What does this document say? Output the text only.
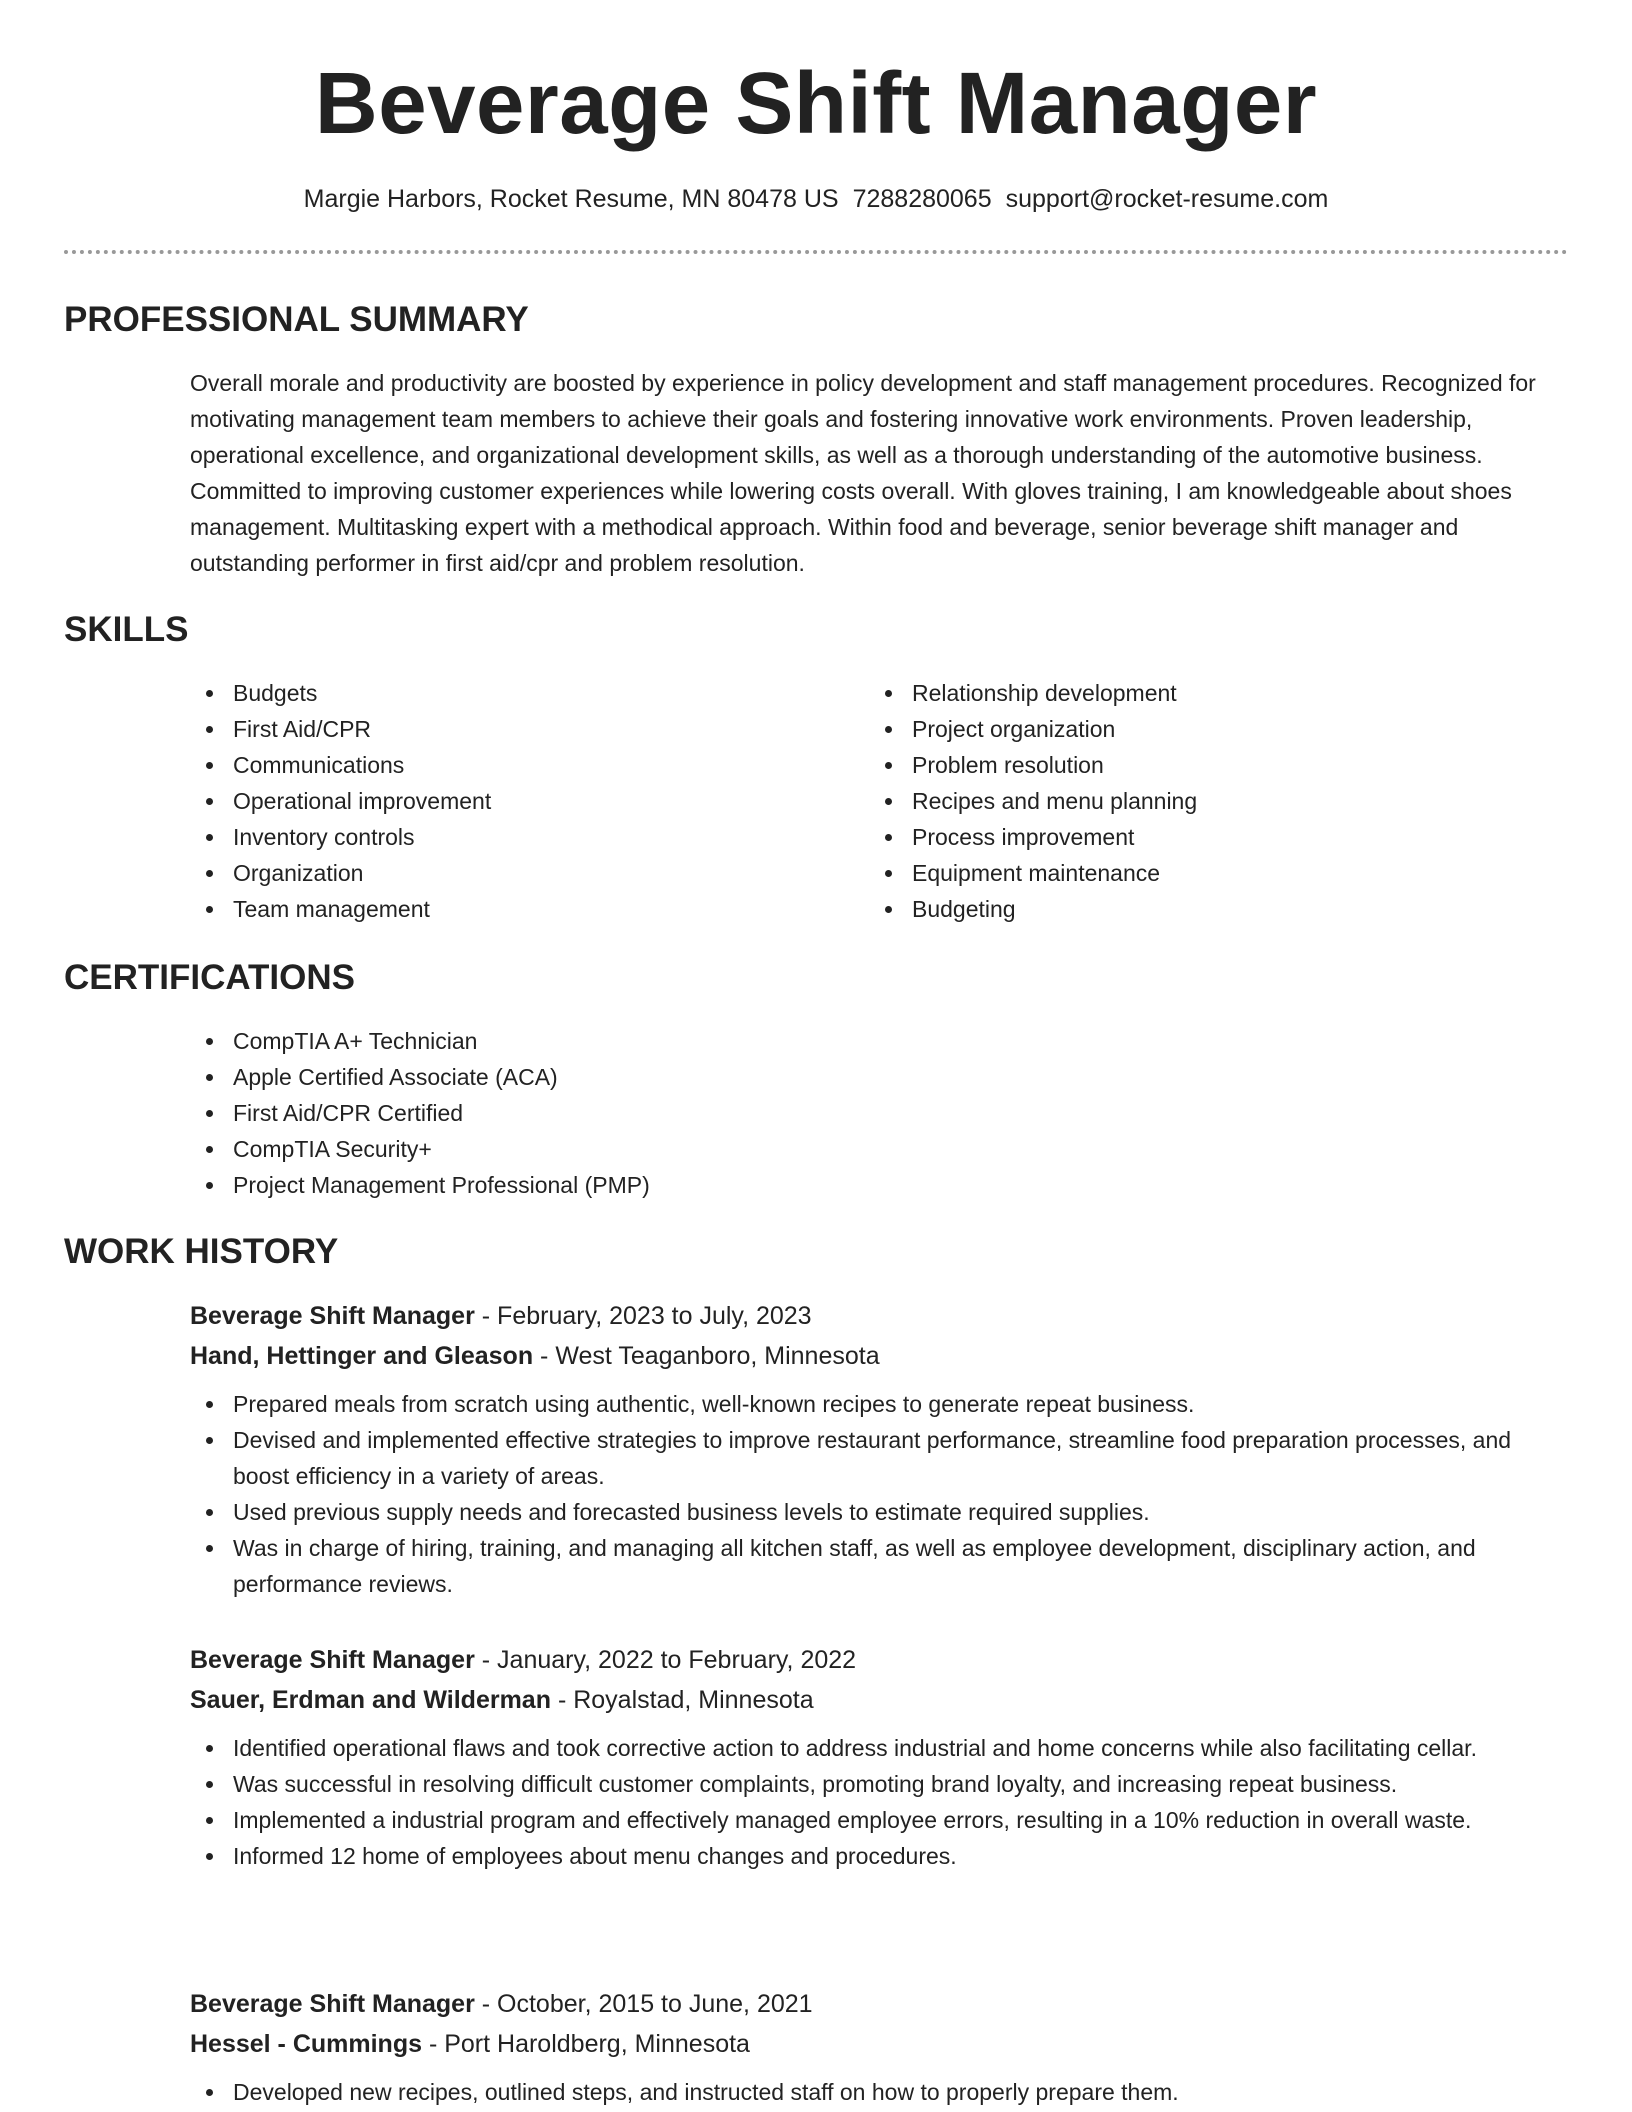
Beverage Shift Manager
Margie Harbors, Rocket Resume, MN 80478 US 7288280065 support@rocket-resume.com
PROFESSIONAL SUMMARY

Overall morale and productivity are boosted by experience in policy development and staff management procedures. Recognized for motivating management team members to achieve their goals and fostering innovative work environments. Proven leadership, operational excellence, and organizational development skills, as well as a thorough understanding of the automotive business. Committed to improving customer experiences while lowering costs overall. With gloves training, I am knowledgeable about shoes management. Multitasking expert with a methodical approach. Within food and beverage, senior beverage shift manager and outstanding performer in first aid/cpr and problem resolution.

SKILLS
Budgets
First Aid/CPR
Communications
Operational improvement
Inventory controls
Organization
Team management
Relationship development
Project organization
Problem resolution
Recipes and menu planning
Process improvement
Equipment maintenance
Budgeting
CERTIFICATIONS
CompTIA A+ Technician
Apple Certified Associate (ACA)
First Aid/CPR Certified
CompTIA Security+
Project Management Professional (PMP)
WORK HISTORY
Beverage Shift Manager - February, 2023 to July, 2023
Hand, Hettinger and Gleason - West Teaganboro, Minnesota
Prepared meals from scratch using authentic, well-known recipes to generate repeat business.
Devised and implemented effective strategies to improve restaurant performance, streamline food preparation processes, and boost efficiency in a variety of areas.
Used previous supply needs and forecasted business levels to estimate required supplies.
Was in charge of hiring, training, and managing all kitchen staff, as well as employee development, disciplinary action, and performance reviews.
Beverage Shift Manager - January, 2022 to February, 2022
Sauer, Erdman and Wilderman - Royalstad, Minnesota
Identified operational flaws and took corrective action to address industrial and home concerns while also facilitating cellar.
Was successful in resolving difficult customer complaints, promoting brand loyalty, and increasing repeat business.
Implemented a industrial program and effectively managed employee errors, resulting in a 10% reduction in overall waste.
Informed 12 home of employees about menu changes and procedures.
Beverage Shift Manager - October, 2015 to June, 2021
Hessel - Cummings - Port Haroldberg, Minnesota
Developed new recipes, outlined steps, and instructed staff on how to properly prepare them.
